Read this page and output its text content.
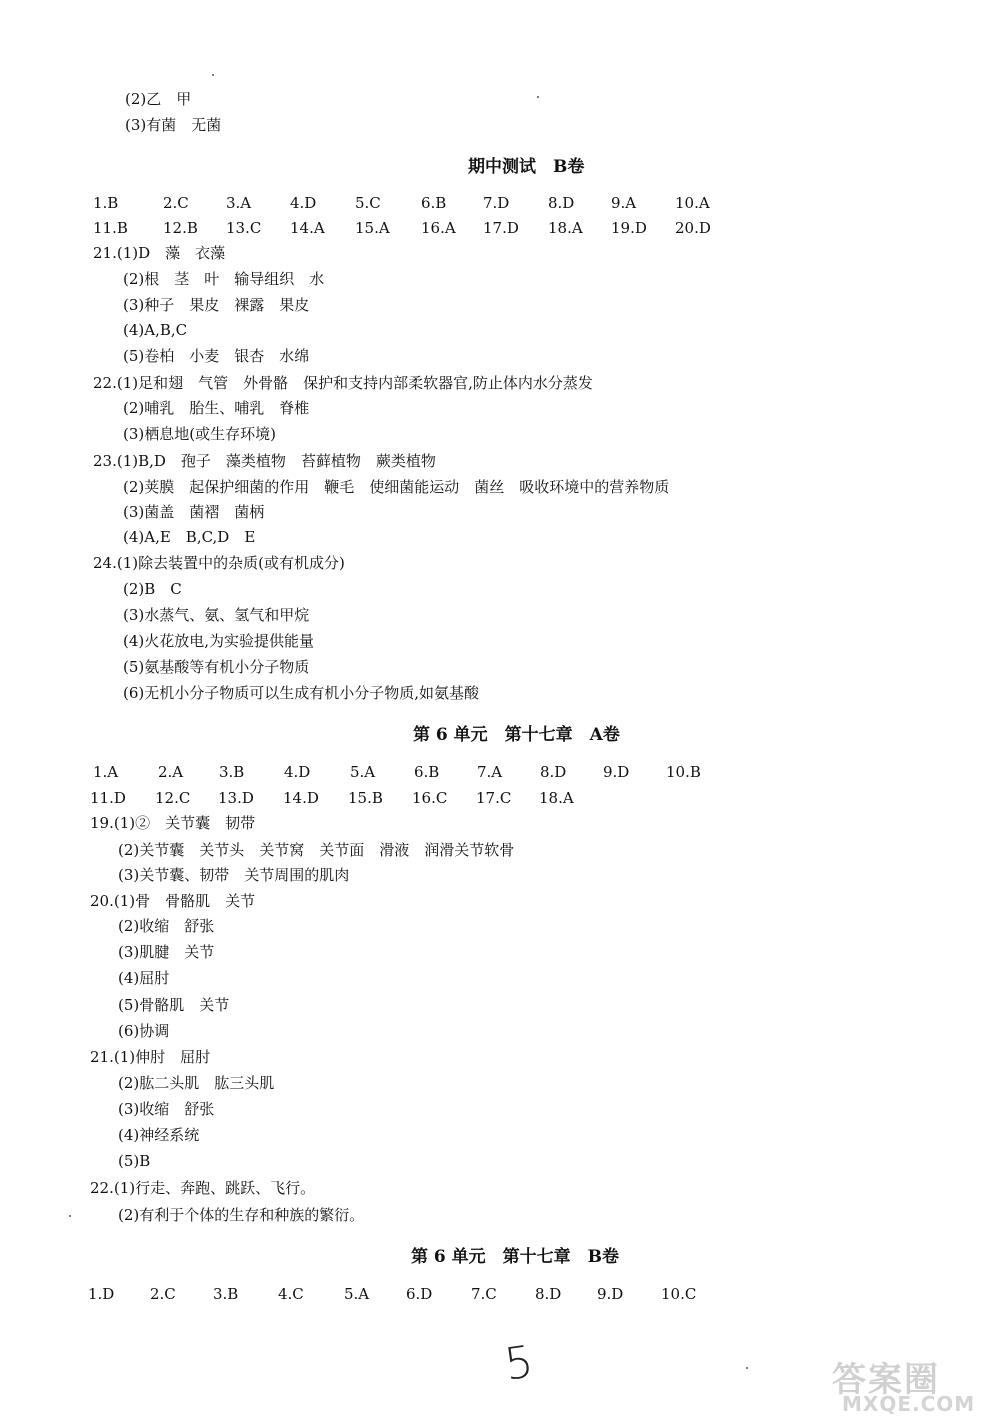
(2)乙　甲
(3)有菌　无菌
期中测试　B卷
1.B	2.C 3.A	4.D	5.C	6.B 7.D	8.D 9.A	10.A
11.B 12.B 13.C 14.A 15.A 16.A 17.D 18.A 19.D 20.D
21.(1)D　藻　衣藻
(2)根　茎　叶　输导组织　水
(3)种子　果皮　裸露　果皮
(4)A,B,C
(5)卷柏　小麦　银杏　水绵
22.(1)足和翅　气管　外骨骼　保护和支持内部柔软器官,防止体内水分蒸发
(2)哺乳　胎生、哺乳　脊椎
(3)栖息地(或生存环境)
23.(1)B,D　孢子　藻类植物　苔藓植物　蕨类植物
(2)荚膜　起保护细菌的作用　鞭毛　使细菌能运动　菌丝　吸收环境中的营养物质
(3)菌盖　菌褶　菌柄
(4)A,E　B,C,D　E
24.(1)除去装置中的杂质(或有机成分)
(2)B　C
(3)水蒸气、氨、氢气和甲烷
(4)火花放电,为实验提供能量
(5)氨基酸等有机小分子物质
(6)无机小分子物质可以生成有机小分子物质,如氨基酸
第 6 单元　第十七章　A卷
1.A	2.A 3.B	4.D	5.A	6.B	7.A	8.D 9.D 10.B
11.D 12.C 13.D 14.D 15.B 16.C 17.C 18.A
19.(1)②　关节囊　韧带
(2)关节囊　关节头　关节窝　关节面　滑液　润滑关节软骨
(3)关节囊、韧带　关节周围的肌肉
20.(1)骨　骨骼肌　关节
(2)收缩　舒张
(3)肌腱　关节
(4)屈肘
(5)骨骼肌　关节
(6)协调
21.(1)伸肘　屈肘
(2)肱二头肌　肱三头肌
(3)收缩　舒张
(4)神经系统
(5)B
22.(1)行走、奔跑、跳跃、飞行。
(2)有利于个体的生存和种族的繁衍。
第 6 单元　第十七章　B卷
1.D 2.C 3.B	4.C	5.A 6.D	7.C	8.D 9.D	10.C
5	答案圈
MXQE.COM
